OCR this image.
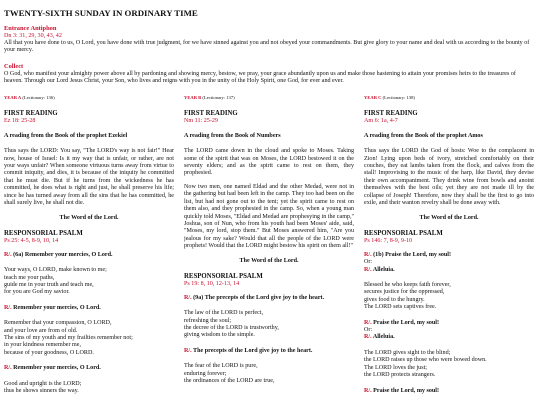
TWENTY-SIXTH SUNDAY IN ORDINARY TIME
Entrance Antiphon
Dn 3: 31, 29, 30, 43, 42

All that you have done to us, O Lord, you have done with true judgment, for we have sinned against you and not obeyed your commandments. But give glory to your name and deal with us according to the bounty of your mercy.

Collect

O God, who manifest your almighty power above all by pardoning and showing mercy, bestow, we pray, your grace abundantly upon us and make those hastening to attain your promises heirs to the treasures of heaven. Through our Lord Jesus Christ, your Son, who lives and reigns with you in the unity of the Holy Spirit, one God, for ever and ever.

YEAR A (Lectionary: 136)
FIRST READING
Ez 18: 25-28
A reading from the Book of the prophet Ezekiel

Thus says the LORD: You say, "The LORD's way is not fair!" Hear now, house of Israel: Is it my way that is unfair, or rather, are not your ways unfair? When someone virtuous turns away from virtue to commit iniquity, and dies, it is because of the iniquity he committed that he must die. But if he turns from the wickedness he has committed, he does what is right and just, he shall preserve his life; since he has turned away from all the sins that he has committed, he shall surely live, he shall not die.

The Word of the Lord.
RESPONSORIAL PSALM
Ps 25: 4-5, 8-9, 10, 14
R/. (6a) Remember your mercies, O Lord.
Your ways, O LORD, make known to me;
teach me your paths,
guide me in your truth and teach me,
for you are God my savior.
R/. Remember your mercies, O Lord.
Remember that your compassion, O LORD,
and your love are from of old.
The sins of my youth and my frailties remember not;
in your kindness remember me,
because of your goodness, O LORD.
R/. Remember your mercies, O Lord.
Good and upright is the LORD;
thus he shows sinners the way.
YEAR B (Lectionary: 137)
FIRST READING
Nm 11: 25-29
A reading from the Book of Numbers

The LORD came down in the cloud and spoke to Moses. Taking some of the spirit that was on Moses, the LORD bestowed it on the seventy elders; and as the spirit came to rest on them, they prophesied.

Now two men, one named Eldad and the other Medad, were not in the gathering but had been left in the camp. They too had been on the list, but had not gone out to the tent; yet the spirit came to rest on them also, and they prophesied in the camp. So, when a young man quickly told Moses, "Eldad and Medad are prophesying in the camp," Joshua, son of Nun, who from his youth had been Moses' aide, said, "Moses, my lord, stop them." But Moses answered him, "Are you jealous for my sake? Would that all the people of the LORD were prophets! Would that the LORD might bestow his spirit on them all!"

The Word of the Lord.
RESPONSORIAL PSALM
Ps 19: 8, 10, 12-13, 14
R/. (9a) The precepts of the Lord give joy to the heart.
The law of the LORD is perfect,
refreshing the soul;
the decree of the LORD is trustworthy,
giving wisdom to the simple.
R/. The precepts of the Lord give joy to the heart.
The fear of the LORD is pure,
enduring forever;
the ordinances of the LORD are true,
YEAR C (Lectionary: 138)
FIRST READING
Am 6: 1a, 4-7
A reading from the Book of the prophet Amos

Thus says the LORD the God of hosts: Woe to the complacent in Zion! Lying upon beds of ivory, stretched comfortably on their couches, they eat lambs taken from the flock, and calves from the stall! Improvising to the music of the harp, like David, they devise their own accompaniment. They drink wine from bowls and anoint themselves with the best oils; yet they are not made ill by the collapse of Joseph! Therefore, now they shall be the first to go into exile, and their wanton revelry shall be done away with.

The Word of the Lord.
RESPONSORIAL PSALM
Ps 146: 7, 8-9, 9-10
R/. (1b) Praise the Lord, my soul!
Or:
R/. Alleluia.
Blessed he who keeps faith forever,
secures justice for the oppressed,
gives food to the hungry.
The LORD sets captives free.
R/. Praise the Lord, my soul!
Or:
R/. Alleluia.
The LORD gives sight to the blind;
the LORD raises up those who were bowed down.
The LORD loves the just;
the LORD protects strangers.
R/. Praise the Lord, my soul!
